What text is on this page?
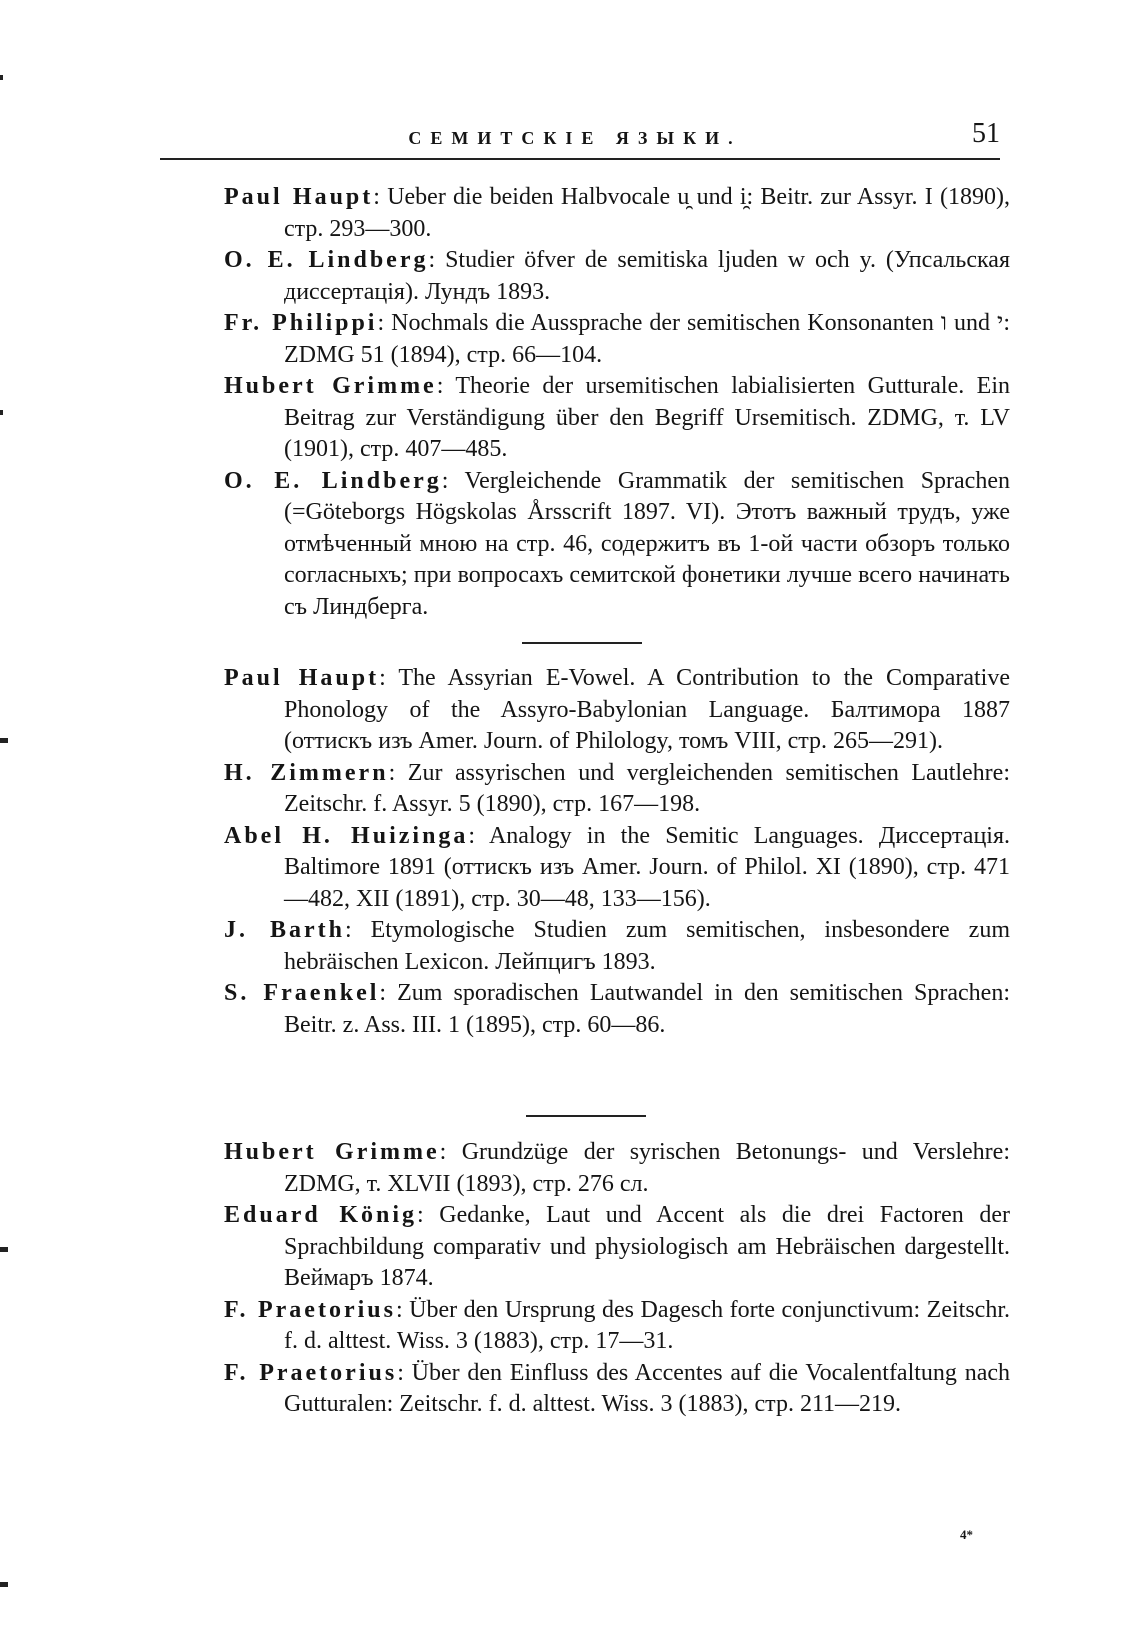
СЕМИТСКIЕ ЯЗЫКИ.	51
Paul Haupt: Ueber die beiden Halbvocale u̯ und i̯: Beitr. zur Assyr. I (1890), стр. 293—300.
O. E. Lindberg: Studier öfver de semitiska ljuden w och y. (Упсальская диссертацiя). Лундъ 1893.
Fr. Philippi: Nochmals die Aussprache der semitischen Konsonanten ו und י: ZDMG 51 (1894), стр. 66—104.
Hubert Grimme: Theorie der ursemitischen labialisierten Gutturale. Ein Beitrag zur Verständigung über den Begriff Ursemitisch. ZDMG, т. LV (1901), стр. 407—485.
O. E. Lindberg: Vergleichende Grammatik der semitischen Sprachen (=Göteborgs Högskolas Årsscrift 1897. VI). Этотъ важный трудъ, уже отмѣченный мною на стр. 46, содержитъ въ 1-ой части обзоръ только согласныхъ; при вопросахъ семитской фонетики лучше всего начинать съ Линдберга.
Paul Haupt: The Assyrian E-Vowel. A Contribution to the Comparative Phonology of the Assyro-Babylonian Language. Балтимора 1887 (оттискъ изъ Amer. Journ. of Philology, томъ VIII, стр. 265—291).
H. Zimmern: Zur assyrischen und vergleichenden semitischen Lautlehre: Zeitschr. f. Assyr. 5 (1890), стр. 167—198.
Abel H. Huizinga: Analogy in the Semitic Languages. Диссертацiя. Baltimore 1891 (оттискъ изъ Amer. Journ. of Philol. XI (1890), стр. 471—482, XII (1891), стр. 30—48, 133—156).
J. Barth: Etymologische Studien zum semitischen, insbesondere zum hebräischen Lexicon. Лейпцигъ 1893.
S. Fraenkel: Zum sporadischen Lautwandel in den semitischen Sprachen: Beitr. z. Ass. III. 1 (1895), стр. 60—86.
Hubert Grimme: Grundzüge der syrischen Betonungs- und Verslehre: ZDMG, т. XLVII (1893), стр. 276 сл.
Eduard König: Gedanke, Laut und Accent als die drei Factoren der Sprachbildung comparativ und physiologisch am Hebräischen dargestellt. Веймаръ 1874.
F. Praetorius: Über den Ursprung des Dagesch forte conjunctivum: Zeitschr. f. d. alttest. Wiss. 3 (1883), стр. 17—31.
F. Praetorius: Über den Einfluss des Accentes auf die Vocalentfaltung nach Gutturalen: Zeitschr. f. d. alttest. Wiss. 3 (1883), стр. 211—219.
4*
